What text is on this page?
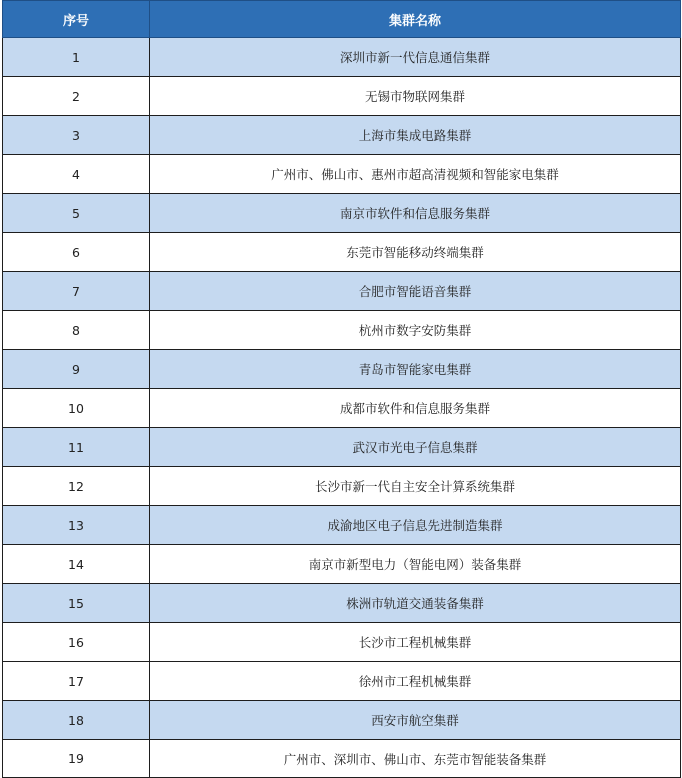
序号	集群名称
1	深圳市新一代信息通信集群
2	无锡市物联网集群
3	上海市集成电路集群
4	广州市、佛山市、惠州市超高清视频和智能家电集群
5	南京市软件和信息服务集群
6	东莞市智能移动终端集群
7	合肥市智能语音集群
8	杭州市数字安防集群
9	青岛市智能家电集群
10	成都市软件和信息服务集群
11	武汉市光电子信息集群
12	长沙市新一代自主安全计算系统集群
13	成渝地区电子信息先进制造集群
14	南京市新型电力（智能电网）装备集群
15	株洲市轨道交通装备集群
16	长沙市工程机械集群
17	徐州市工程机械集群
18	西安市航空集群
19	广州市、深圳市、佛山市、东莞市智能装备集群
